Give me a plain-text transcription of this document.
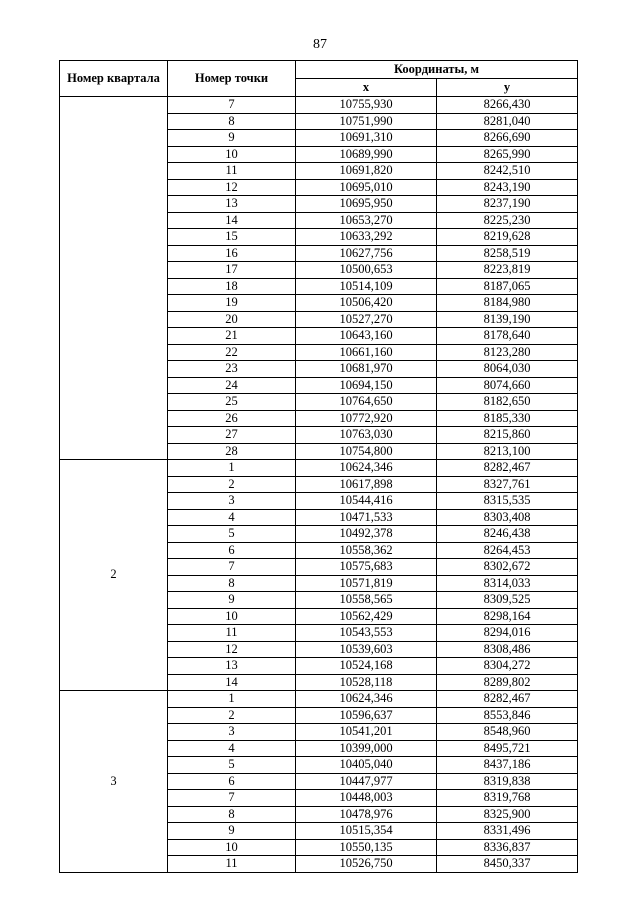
87
Номер квартала	Номер точки	Координаты, м	
		x	y
	7	10755,930	8266,430
	8	10751,990	8281,040
	9	10691,310	8266,690
	10	10689,990	8265,990
	11	10691,820	8242,510
	12	10695,010	8243,190
	13	10695,950	8237,190
	14	10653,270	8225,230
	15	10633,292	8219,628
	16	10627,756	8258,519
	17	10500,653	8223,819
	18	10514,109	8187,065
	19	10506,420	8184,980
	20	10527,270	8139,190
	21	10643,160	8178,640
	22	10661,160	8123,280
	23	10681,970	8064,030
	24	10694,150	8074,660
	25	10764,650	8182,650
	26	10772,920	8185,330
	27	10763,030	8215,860
	28	10754,800	8213,100
2	1	10624,346	8282,467
	2	10617,898	8327,761
	3	10544,416	8315,535
	4	10471,533	8303,408
	5	10492,378	8246,438
	6	10558,362	8264,453
	7	10575,683	8302,672
	8	10571,819	8314,033
	9	10558,565	8309,525
	10	10562,429	8298,164
	11	10543,553	8294,016
	12	10539,603	8308,486
	13	10524,168	8304,272
	14	10528,118	8289,802
3	1	10624,346	8282,467
	2	10596,637	8553,846
	3	10541,201	8548,960
	4	10399,000	8495,721
	5	10405,040	8437,186
	6	10447,977	8319,838
	7	10448,003	8319,768
	8	10478,976	8325,900
	9	10515,354	8331,496
	10	10550,135	8336,837
	11	10526,750	8450,337
